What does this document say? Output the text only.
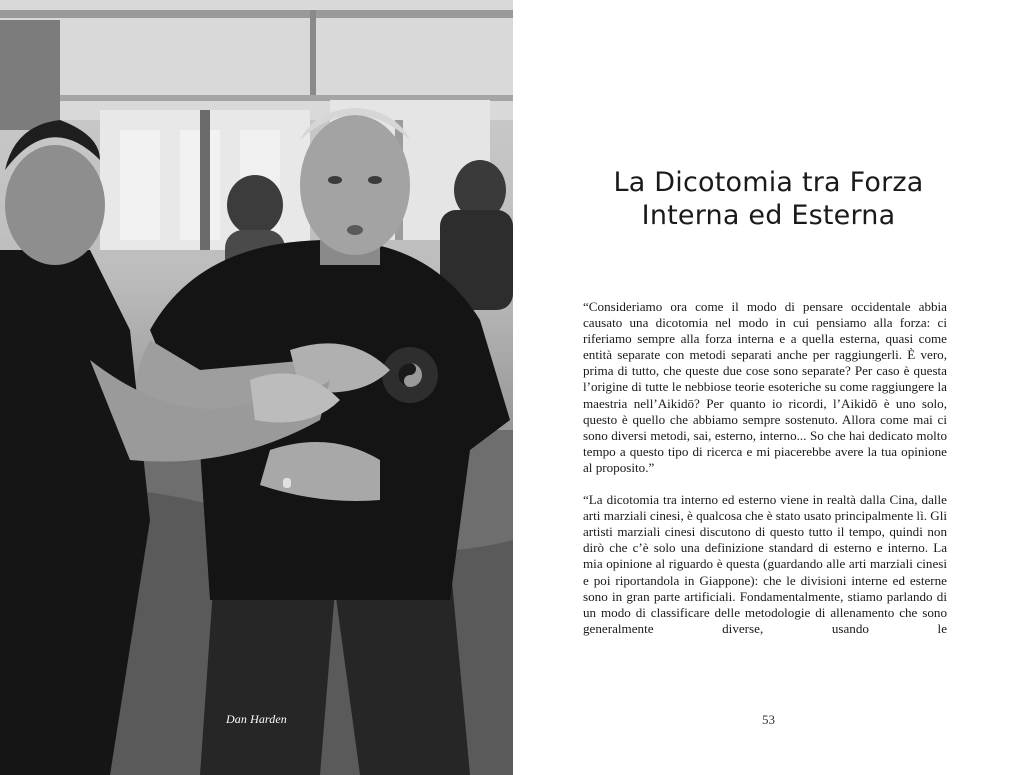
Dan Harden
La Dicotomia tra Forza
Interna ed Esterna

“Consideriamo ora come il modo di pensare occidentale abbia causato una dicotomia nel modo in cui pensiamo alla forza: ci riferiamo sempre alla forza interna e a quella esterna, quasi come entità separate con metodi separati anche per raggiungerli. È vero, prima di tutto, che queste due cose sono separate? Per caso è questa l’origine di tutte le nebbiose teorie esoteriche su come raggiungere la maestria nell’Aikidō? Per quanto io ricordi, l’Aikidō è uno solo, questo è quello che abbiamo sempre sostenuto. Allora come mai ci sono diversi metodi, sai, esterno, interno... So che hai dedicato molto tempo a questo tipo di ricerca e mi piacerebbe avere la tua opinione al proposito.”

“La dicotomia tra interno ed esterno viene in realtà dalla Cina, dalle arti marziali cinesi, è qualcosa che è stato usato principalmente lì. Gli artisti marziali cinesi discutono di questo tutto il tempo, quindi non dirò che c’è solo una definizione standard di esterno e interno. La mia opinione al riguardo è questa (guardando alle arti marziali cinesi e poi riportandola in Giappone): che le divisioni interne ed esterne sono in gran parte artificiali. Fondamentalmente, stiamo parlando di un modo di classificare delle metodologie di allenamento che sono generalmente diverse, usando le

53
